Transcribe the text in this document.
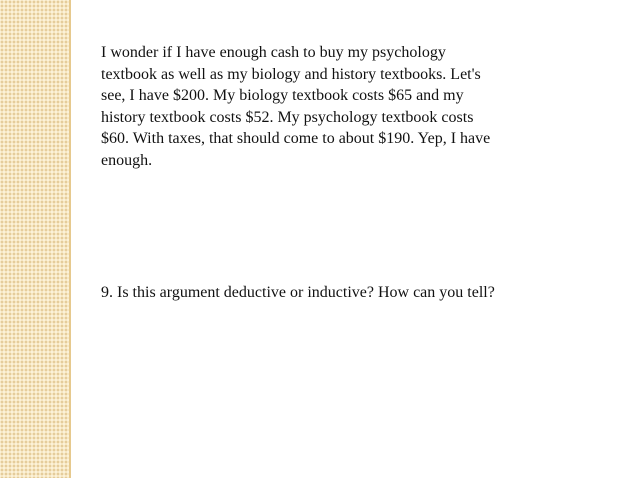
I wonder if I have enough cash to buy my psychology
textbook as well as my biology and history textbooks. Let's
see, I have $200. My biology textbook costs $65 and my
history textbook costs $52. My psychology textbook costs
$60. With taxes, that should come to about $190. Yep, I have
enough.

9. Is this argument deductive or inductive? How can you tell?
